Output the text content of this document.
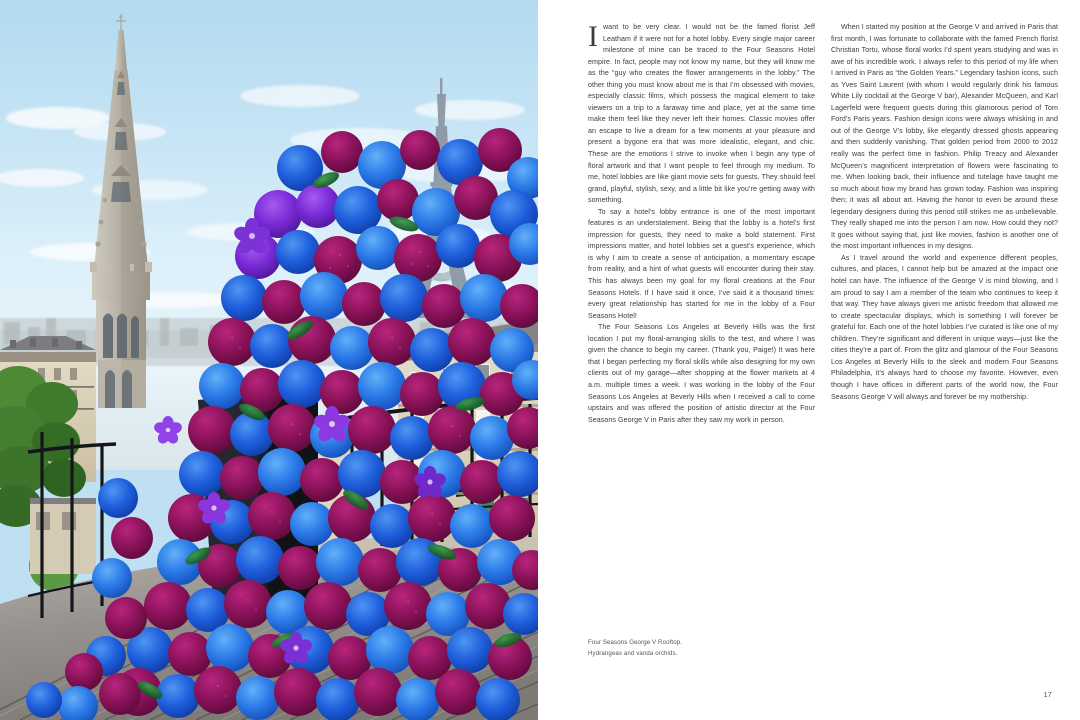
I want to be very clear. I would not be the famed florist Jeff Leatham if it were not for a hotel lobby. Every single major career milestone of mine can be traced to the Four Seasons Hotel empire. In fact, people may not know my name, but they will know me as the “guy who creates the flower arrangements in the lobby.” The other thing you must know about me is that I’m obsessed with movies, especially classic films, which possess the magical element to take viewers on a trip to a faraway time and place, yet at the same time make them feel like they never left their homes. Classic movies offer an escape to live a dream for a few moments at your pleasure and present a bygone era that was more idealistic, elegant, and chic. These are the emotions I strive to invoke when I begin any type of floral artwork and that I want people to feel through my medium. To me, hotel lobbies are like giant movie sets for guests. They should feel grand, playful, stylish, sexy, and a little bit like you’re getting away with something.

To say a hotel’s lobby entrance is one of the most important features is an understatement. Being that the lobby is a hotel’s first impression for guests, they need to make a bold statement. First impressions matter, and hotel lobbies set a guest’s experience, which is why I aim to create a sense of anticipation, a momentary escape from reality, and a hint of what guests will encounter during their stay. This has always been my goal for my floral creations at the Four Seasons Hotels. If I have said it once, I’ve said it a thousand times: every great relationship has started for me in the lobby of a Four Seasons Hotel!

The Four Seasons Los Angeles at Beverly Hills was the first location I put my floral-arranging skills to the test, and where I was given the chance to begin my career. (Thank you, Paige!) It was here that I began perfecting my floral skills while also designing for my own clients out of my garage—after shopping at the flower markets at 4 a.m. multiple times a week. I was working in the lobby of the Four Seasons Los Angeles at Beverly Hills when I received a call to come upstairs and was offered the position of artistic director at the Four Seasons George V in Paris after they saw my work in person.

When I started my position at the George V and arrived in Paris that first month, I was fortunate to collaborate with the famed French florist Christian Tortu, whose floral works I’d spent years studying and was in awe of his incredible work. I always refer to this period of my life when I arrived in Paris as “the Golden Years.” Legendary fashion icons, such as Yves Saint Laurent (with whom I would regularly drink his famous White Lily cocktail at the George V bar), Alexander McQueen, and Karl Lagerfeld were frequent guests during this glamorous period of Tom Ford’s Paris years. Fashion design icons were always whisking in and out of the George V’s lobby, like elegantly dressed ghosts appearing and then suddenly vanishing. That golden period from 2000 to 2012 really was the perfect time in fashion. Philip Treacy and Alexander McQueen’s magnificent interpretation of flowers were fascinating to me. When looking back, their influence and tutelage have taught me so much about how my brand has grown today. Fashion was inspiring then; it was all about art. Having the honor to even be around these legendary designers during this period still strikes me as unbelievable. They really shaped me into the person I am now. How could they not? It goes without saying that, just like movies, fashion is another one of the most important influences in my designs.

As I travel around the world and experience different peoples, cultures, and places, I cannot help but be amazed at the impact one hotel can have. The influence of the George V is mind blowing, and I am proud to say I am a member of the team who continues to keep it that way. They have always given me artistic freedom that allowed me to create spectacular displays, which is something I will forever be grateful for. Each one of the hotel lobbies I’ve curated is like one of my children. They’re significant and different in unique ways—just like the cities they’re a part of. From the glitz and glamour of the Four Seasons Los Angeles at Beverly Hills to the sleek and modern Four Seasons Philadelphia, it’s always hard to choose my favorite. However, even though I have offices in different parts of the world now, the Four Seasons George V will always and forever be my mothership.

Four Seasons George V Rooftop.
Hydrangeas and vanda orchids.
17
